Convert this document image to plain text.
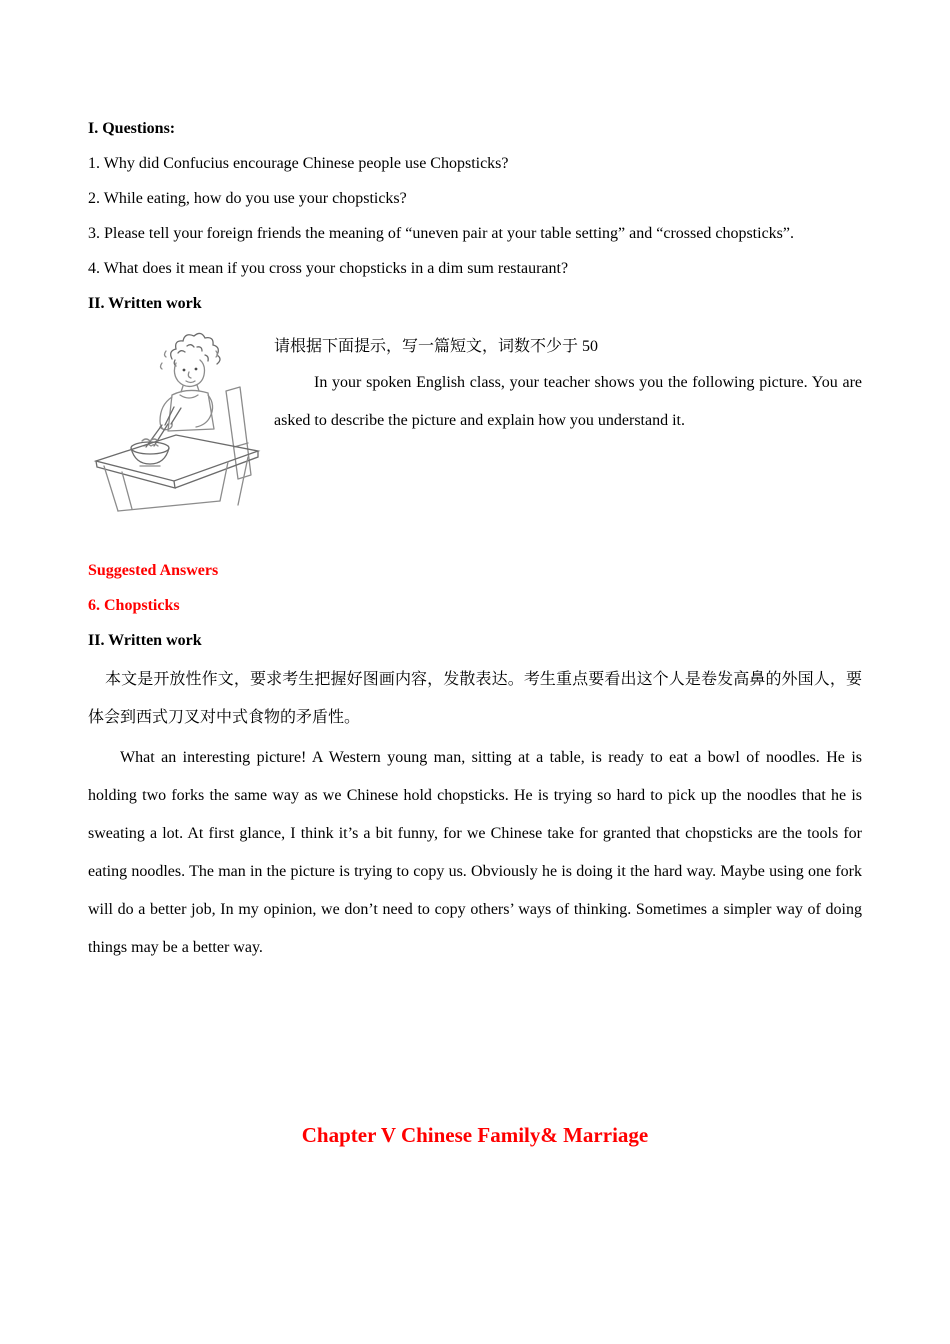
I. Questions:

1. Why did Confucius encourage Chinese people use Chopsticks?

2. While eating, how do you use your chopsticks?

3. Please tell your foreign friends the meaning of “uneven pair at your table setting” and “crossed chopsticks”.

4. What does it mean if you cross your chopsticks in a dim sum restaurant?

II. Written work

请根据下面提示，写一篇短文，词数不少于 50

In your spoken English class, your teacher shows you the following picture. You are asked to describe the picture and explain how you understand it.

Suggested Answers

6. Chopsticks

II. Written work

本文是开放性作文，要求考生把握好图画内容，发散表达。考生重点要看出这个人是卷发高鼻的外国人，要体会到西式刀叉对中式食物的矛盾性。

What an interesting picture! A Western young man, sitting at a table, is ready to eat a bowl of noodles. He is holding two forks the same way as we Chinese hold chopsticks. He is trying so hard to pick up the noodles that he is sweating a lot. At first glance, I think it’s a bit funny, for we Chinese take for granted that chopsticks are the tools for eating noodles. The man in the picture is trying to copy us. Obviously he is doing it the hard way. Maybe using one fork will do a better job, In my opinion, we don’t need to copy others’ ways of thinking. Sometimes a simpler way of doing things may be a better way.

Chapter V Chinese Family& Marriage
